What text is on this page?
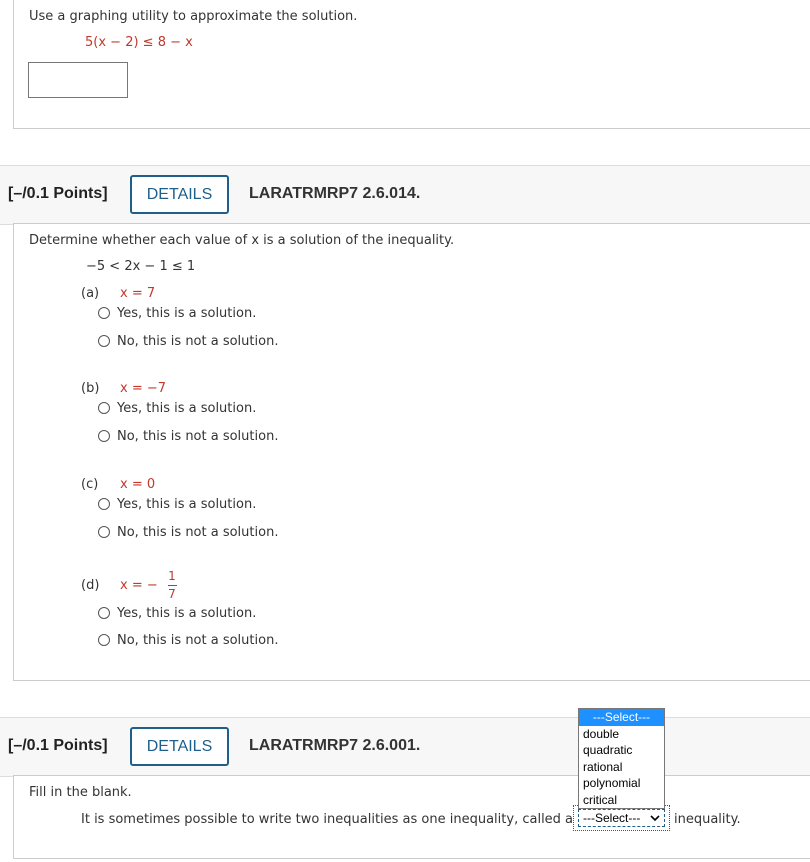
Use a graphing utility to approximate the solution.
5(x − 2) ≤ 8 − x
[–/0.1 Points]	DETAILS	LARATRMRP7 2.6.014.
Determine whether each value of x is a solution of the inequality.
−5 < 2x − 1 ≤ 1
(a) x = 7
Yes, this is a solution.
No, this is not a solution.
(b) x = −7
Yes, this is a solution.
No, this is not a solution.
(c) x = 0
Yes, this is a solution.
No, this is not a solution.
(d) x = −
1
7
Yes, this is a solution.
No, this is not a solution.
[–/0.1 Points]	DETAILS	LARATRMRP7 2.6.001.
Fill in the blank.
It is sometimes possible to write two inequalities as one inequality, called a ---Select---	inequality.
---Select---
double
quadratic
rational
polynomial
critical
